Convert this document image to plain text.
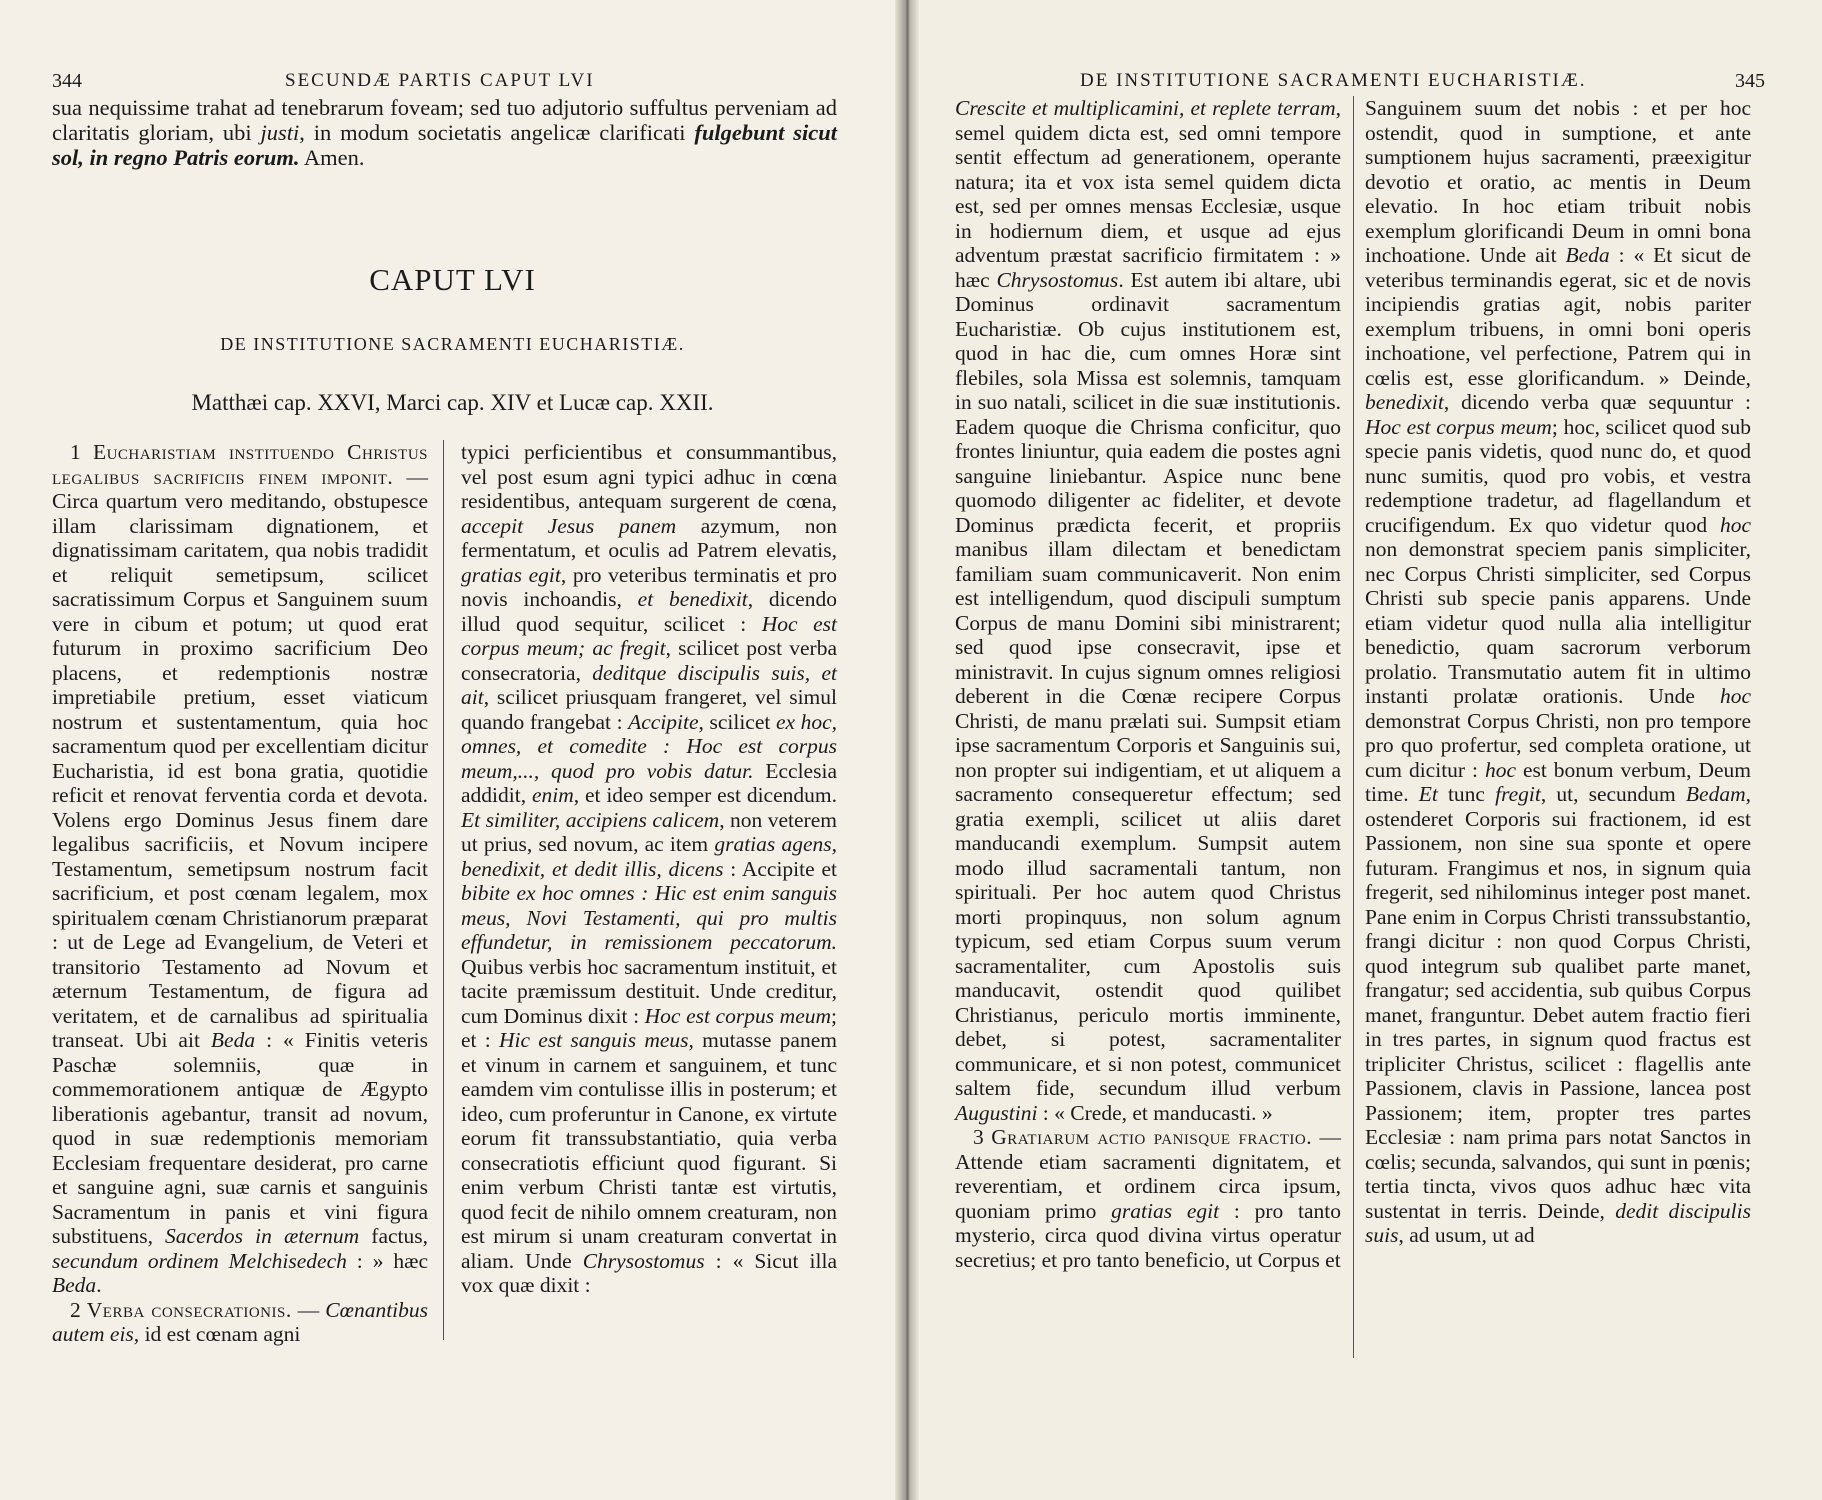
344	SECUNDÆ PARTIS CAPUT LVI
sua nequissime trahat ad tenebrarum foveam; sed tuo adjutorio suffultus perveniam ad claritatis gloriam, ubi justi, in modum societatis angelicæ clarificati fulgebunt sicut sol, in regno Patris eorum. Amen.
CAPUT LVI
DE INSTITUTIONE SACRAMENTI EUCHARISTIÆ.
Matthæi cap. XXVI, Marci cap. XIV et Lucæ cap. XXII.

1 Eucharistiam instituendo Christus legalibus sacrificiis finem imponit. — Circa quartum vero meditando, obstupesce illam clarissimam dignationem, et dignatissimam caritatem, qua nobis tradidit et reliquit semetipsum, scilicet sacratissimum Corpus et Sanguinem suum vere in cibum et potum; ut quod erat futurum in proximo sacrificium Deo placens, et redemptionis nostræ impretiabile pretium, esset viaticum nostrum et sustentamentum, quia hoc sacramentum quod per excellentiam dicitur Eucharistia, id est bona gratia, quotidie reficit et renovat ferventia corda et devota. Volens ergo Dominus Jesus finem dare legalibus sacrificiis, et Novum incipere Testamentum, semetipsum nostrum facit sacrificium, et post cœnam legalem, mox spiritualem cœnam Christianorum præparat : ut de Lege ad Evangelium, de Veteri et transitorio Testamento ad Novum et æternum Testamentum, de figura ad veritatem, et de carnalibus ad spiritualia transeat. Ubi ait Beda : « Finitis veteris Paschæ solemniis, quæ in commemorationem antiquæ de Ægypto liberationis agebantur, transit ad novum, quod in suæ redemptionis memoriam Ecclesiam frequentare desiderat, pro carne et sanguine agni, suæ carnis et sanguinis Sacramentum in panis et vini figura substituens, Sacerdos in æternum factus, secundum ordinem Melchisedech : » hæc Beda.

2 Verba consecrationis. — Cœnantibus autem eis, id est cœnam agni

typici perficientibus et consummantibus, vel post esum agni typici adhuc in cœna residentibus, antequam surgerent de cœna, accepit Jesus panem azymum, non fermentatum, et oculis ad Patrem elevatis, gratias egit, pro veteribus terminatis et pro novis inchoandis, et benedixit, dicendo illud quod sequitur, scilicet : Hoc est corpus meum; ac fregit, scilicet post verba consecratoria, deditque discipulis suis, et ait, scilicet priusquam frangeret, vel simul quando frangebat : Accipite, scilicet ex hoc, omnes, et comedite : Hoc est corpus meum,..., quod pro vobis datur. Ecclesia addidit, enim, et ideo semper est dicendum. Et similiter, accipiens calicem, non veterem ut prius, sed novum, ac item gratias agens, benedixit, et dedit illis, dicens : Accipite et bibite ex hoc omnes : Hic est enim sanguis meus, Novi Testamenti, qui pro multis effundetur, in remissionem peccatorum. Quibus verbis hoc sacramentum instituit, et tacite præmissum destituit. Unde creditur, cum Dominus dixit : Hoc est corpus meum; et : Hic est sanguis meus, mutasse panem et vinum in carnem et sanguinem, et tunc eamdem vim contulisse illis in posterum; et ideo, cum proferuntur in Canone, ex virtute eorum fit transsubstantiatio, quia verba consecratiotis efficiunt quod figurant. Si enim verbum Christi tantæ est virtutis, quod fecit de nihilo omnem creaturam, non est mirum si unam creaturam convertat in aliam. Unde Chrysostomus : « Sicut illa vox quæ dixit :

DE INSTITUTIONE SACRAMENTI EUCHARISTIÆ.	345

Crescite et multiplicamini, et replete terram, semel quidem dicta est, sed omni tempore sentit effectum ad generationem, operante natura; ita et vox ista semel quidem dicta est, sed per omnes mensas Ecclesiæ, usque in hodiernum diem, et usque ad ejus adventum præstat sacrificio firmitatem : » hæc Chrysostomus. Est autem ibi altare, ubi Dominus ordinavit sacramentum Eucharistiæ. Ob cujus institutionem est, quod in hac die, cum omnes Horæ sint flebiles, sola Missa est solemnis, tamquam in suo natali, scilicet in die suæ institutionis. Eadem quoque die Chrisma conficitur, quo frontes liniuntur, quia eadem die postes agni sanguine liniebantur. Aspice nunc bene quomodo diligenter ac fideliter, et devote Dominus prædicta fecerit, et propriis manibus illam dilectam et benedictam familiam suam communicaverit. Non enim est intelligendum, quod discipuli sumptum Corpus de manu Domini sibi ministrarent; sed quod ipse consecravit, ipse et ministravit. In cujus signum omnes religiosi deberent in die Cœnæ recipere Corpus Christi, de manu prælati sui. Sumpsit etiam ipse sacramentum Corporis et Sanguinis sui, non propter sui indigentiam, et ut aliquem a sacramento consequeretur effectum; sed gratia exempli, scilicet ut aliis daret manducandi exemplum. Sumpsit autem modo illud sacramentali tantum, non spirituali. Per hoc autem quod Christus morti propinquus, non solum agnum typicum, sed etiam Corpus suum verum sacramentaliter, cum Apostolis suis manducavit, ostendit quod quilibet Christianus, periculo mortis imminente, debet, si potest, sacramentaliter communicare, et si non potest, communicet saltem fide, secundum illud verbum Augustini : « Crede, et manducasti. »

3 Gratiarum actio panisque fractio. — Attende etiam sacramenti dignitatem, et reverentiam, et ordinem circa ipsum, quoniam primo gratias egit : pro tanto mysterio, circa quod divina virtus operatur secretius; et pro tanto beneficio, ut Corpus et

Sanguinem suum det nobis : et per hoc ostendit, quod in sumptione, et ante sumptionem hujus sacramenti, præexigitur devotio et oratio, ac mentis in Deum elevatio. In hoc etiam tribuit nobis exemplum glorificandi Deum in omni bona inchoatione. Unde ait Beda : « Et sicut de veteribus terminandis egerat, sic et de novis incipiendis gratias agit, nobis pariter exemplum tribuens, in omni boni operis inchoatione, vel perfectione, Patrem qui in cœlis est, esse glorificandum. » Deinde, benedixit, dicendo verba quæ sequuntur : Hoc est corpus meum; hoc, scilicet quod sub specie panis videtis, quod nunc do, et quod nunc sumitis, quod pro vobis, et vestra redemptione tradetur, ad flagellandum et crucifigendum. Ex quo videtur quod hoc non demonstrat speciem panis simpliciter, nec Corpus Christi simpliciter, sed Corpus Christi sub specie panis apparens. Unde etiam videtur quod nulla alia intelligitur benedictio, quam sacrorum verborum prolatio. Transmutatio autem fit in ultimo instanti prolatæ orationis. Unde hoc demonstrat Corpus Christi, non pro tempore pro quo profertur, sed completa oratione, ut cum dicitur : hoc est bonum verbum, Deum time. Et tunc fregit, ut, secundum Bedam, ostenderet Corporis sui fractionem, id est Passionem, non sine sua sponte et opere futuram. Frangimus et nos, in signum quia fregerit, sed nihilominus integer post manet. Pane enim in Corpus Christi transsubstantio, frangi dicitur : non quod Corpus Christi, quod integrum sub qualibet parte manet, frangatur; sed accidentia, sub quibus Corpus manet, franguntur. Debet autem fractio fieri in tres partes, in signum quod fractus est tripliciter Christus, scilicet : flagellis ante Passionem, clavis in Passione, lancea post Passionem; item, propter tres partes Ecclesiæ : nam prima pars notat Sanctos in cœlis; secunda, salvandos, qui sunt in pœnis; tertia tincta, vivos quos adhuc hæc vita sustentat in terris. Deinde, dedit discipulis suis, ad usum, ut ad
